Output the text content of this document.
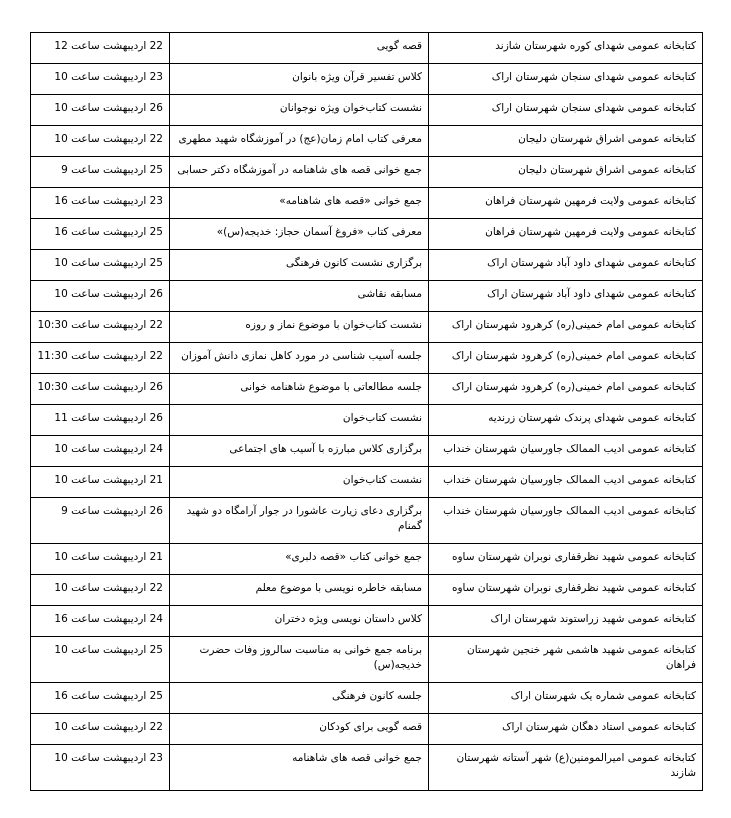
کتابخانه عمومی شهدای کوره شهرستان شازند	قصه گویی	22 اردیبهشت ساعت 12
کتابخانه عمومی شهدای سنجان شهرستان اراک	کلاس تفسیر قرآن ویژه بانوان	23 اردیبهشت ساعت 10
کتابخانه عمومی شهدای سنجان شهرستان اراک	نشست کتاب‌خوان ویژه نوجوانان	26 اردیبهشت ساعت 10
کتابخانه عمومی اشراق شهرستان دلیجان	معرفی کتاب امام زمان(عج) در آموزشگاه شهید مطهری	22 اردیبهشت ساعت 10
کتابخانه عمومی اشراق شهرستان دلیجان	جمع خوانی قصه های شاهنامه در آموزشگاه دکتر حسابی	25 اردیبهشت ساعت 9
کتابخانه عمومی ولایت فرمهین شهرستان فراهان	جمع خوانی «قصه های شاهنامه»	23 اردیبهشت ساعت 16
کتابخانه عمومی ولایت فرمهین شهرستان فراهان	معرفی کتاب «فروغ آسمان حجاز: خدیجه(س)»	25 اردیبهشت ساعت 16
کتابخانه عمومی شهدای داود آباد شهرستان اراک	برگزاری نشست کانون فرهنگی	25 اردیبهشت ساعت 10
کتابخانه عمومی شهدای داود آباد شهرستان اراک	مسابقه نقاشی	26 اردیبهشت ساعت 10
کتابخانه عمومی امام خمینی(ره) کرهرود شهرستان اراک	نشست کتاب‌خوان با موضوع نماز و روزه	22 اردیبهشت ساعت 10:30
کتابخانه عمومی امام خمینی(ره) کرهرود شهرستان اراک	جلسه آسیب شناسی در مورد کاهل نمازی دانش آموزان	22 اردیبهشت ساعت 11:30
کتابخانه عمومی امام خمینی(ره) کرهرود شهرستان اراک	جلسه مطالعاتی با موضوع شاهنامه خوانی	26 اردیبهشت ساعت 10:30
کتابخانه عمومی شهدای پرندک شهرستان زرندیه	نشست کتاب‌خوان	26 اردیبهشت ساعت 11
کتابخانه عمومی ادیب الممالک جاورسیان شهرستان خنداب	برگزاری کلاس مبارزه با آسیب های اجتماعی	24 اردیبهشت ساعت 10
کتابخانه عمومی ادیب الممالک جاورسیان شهرستان خنداب	نشست کتاب‌خوان	21 اردیبهشت ساعت 10
کتابخانه عمومی ادیب الممالک جاورسیان شهرستان خنداب	برگزاری دعای زیارت عاشورا در جوار آرامگاه دو شهید گمنام	26 اردیبهشت ساعت 9
کتابخانه عمومی شهید نظرقفاری نوبران شهرستان ساوه	جمع خوانی کتاب «قصه دلبری»	21 اردیبهشت ساعت 10
کتابخانه عمومی شهید نظرقفاری نوبران شهرستان ساوه	مسابقه خاطره نویسی با موضوع معلم	22 اردیبهشت ساعت 10
کتابخانه عمومی شهید زراستوند شهرستان اراک	کلاس داستان نویسی ویژه دختران	24 اردیبهشت ساعت 16
کتابخانه عمومی شهید هاشمی شهر خنجین شهرستان فراهان	برنامه جمع خوانی به مناسبت سالروز وفات حضرت خدیجه(س)	25 اردیبهشت ساعت 10
کتابخانه عمومی شماره یک شهرستان اراک	جلسه کانون فرهنگی	25 اردیبهشت ساعت 16
کتابخانه عمومی استاد دهگان شهرستان اراک	قصه گویی برای کودکان	22 اردیبهشت ساعت 10
کتابخانه عمومی امیرالمومنین(ع) شهر آستانه شهرستان شازند	جمع خوانی قصه های شاهنامه	23 اردیبهشت ساعت 10
